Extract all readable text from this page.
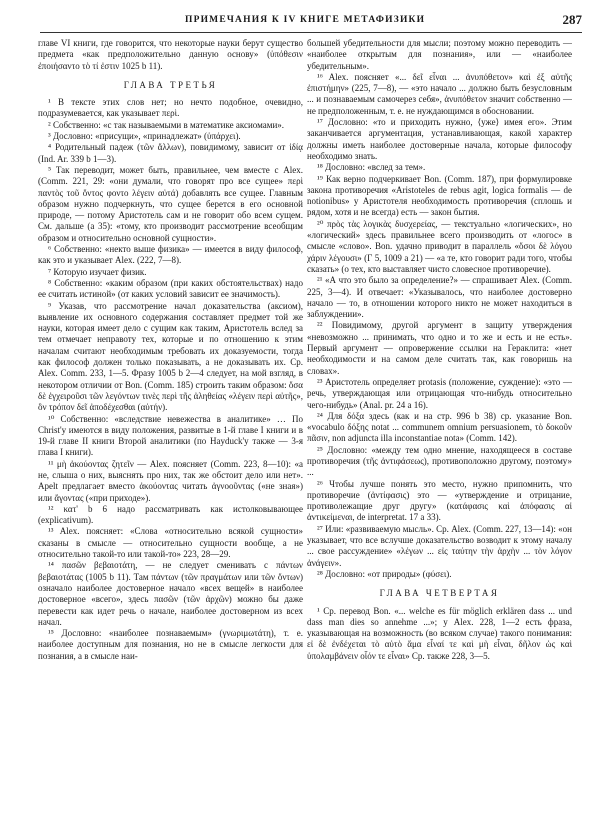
ПРИМЕЧАНИЯ К IV КНИГЕ МЕТАФИЗИКИ	287

главе VI книги, где говорится, что некоторые науки берут существо предмета «как предположительно данную основу» (ὑπόθεσιν ἐποιήσαντο τὸ τί ἐστιν 1025 b 11).

ГЛАВА ТРЕТЬЯ

¹ В тексте этих слов нет; но нечто подобное, очевидно, подразумевается, как указывает περὶ.

² Собственно: «с так называемыми в математике аксиомами».

³ Дословно: «присущи», «принадлежат» (ὑπάρχει).

⁴ Родительный падеж (τῶν ἄλλων), повидимому, зависит от ἰδίᾳ (Ind. Ar. 339 b 1—3).

⁵ Так переводит, может быть, правильнее, чем вместе с Alex. (Comm. 221, 29: «они думали, что говорят про все сущее» περὶ παντὸς τοῦ ὄντος φοντο λέγειν αὐτά) добавлять все сущее. Главным образом нужно подчеркнуть, что сущее берется в его основной природе, — потому Аристотель сам и не говорит обо всем сущем. См. дальше (а 35): «тому, кто производит рассмотрение всеобщим образом и относительно основной сущности».

⁶ Собственно: «некто выше физика» — имеется в виду философ, как это и указывает Alex. (222, 7—8).

⁷ Которую изучает физик.

⁸ Собственно: «каким образом (при каких обстоятельствах) надо ее считать истиной» (от каких условий зависит ее значимость).

⁹ Указав, что рассмотрение начал доказательства (аксиом), выявление их основного содержания составляет предмет той же науки, которая имеет дело с сущим как таким, Аристотель вслед за тем отмечает неправоту тех, которые и по отношению к этим началам считают необходимым требовать их доказуемости, тогда как философ должен только показывать, а не доказывать их. Ср. Alex. Comm. 233, 1—5. Фразу 1005 b 2—4 следует, на мой взгляд, в некотором отличии от Bon. (Comm. 185) строить таким образом: ὅσα δὲ ἐγχειροῦσι τῶν λεγόντων τινὲς περὶ τῆς ἀληθείας «λέγειν περὶ αὐτῆς», ὃν τρόπον δεῖ ἀποδέχεσθαι (αὐτήν).

¹⁰ Собственно: «вследствие невежества в аналитике» … По Christ'у имеются в виду положения, развитые в 1-й главе I книги и в 19-й главе II книги Второй аналитики (по Hayduck'у также — 3-я глава I книги).

¹¹ μὴ ἀκούοντας ζητεῖν — Alex. поясняет (Comm. 223, 8—10): «а не, слыша о них, выяснять про них, так же обстоит дело или нет». Apelt предлагает вместо ἀκούοντας читать ἀγνοοῦντας («не зная») или ἄγοντας («при приходе»).

¹² κατ' b 6 надо рассматривать как истолковывающее (explicativum).

¹³ Alex. поясняет: «Слова «относительно всякой сущности» сказаны в смысле — относительно сущности вообще, а не относительно такой-то или такой-то» 223, 28—29.

¹⁴ πασῶν βεβαιοτάτη, — не следует сменивать с πάντων βεβαιοτάτας (1005 b 11). Там πάντων (τῶν πραγμάτων или τῶν ὄντων) означало наиболее достоверное начало «всех вещей» в наиболее достоверное «всего», здесь πασῶν (τῶν ἀρχῶν) можно бы даже перевести как идет речь о начале, наиболее достоверном из всех начал.

¹⁵ Дословно: «наиболее познаваемым» (γνωριμωτάτη), т. е. наиболее доступным для познания, но не в смысле легкости для познания, а в смысле наи-

большей убедительности для мысли; поэтому можно переводить — «наиболее открытым для познания», или — «наиболее убедительным».

¹⁶ Alex. поясняет «... δεῖ εἶναι ... ἀνυπόθετον» καὶ ἐξ αὐτῆς ἐπιστήμην» (225, 7—8), — «это начало ... должно быть безусловным ... и познаваемым самочерез себя», ἀνυπόθετον значит собственно — не предположенным, т. е. не нуждающимся в обосновании.

¹⁷ Дословно: «то и приходить нужно, ⟨уже⟩ имея его». Этим заканчивается аргументация, устанавливающая, какой характер должны иметь наиболее достоверные начала, которые философу необходимо знать.

¹⁸ Дословно: «вслед за тем».

¹⁹ Как верно подчеркивает Bon. (Comm. 187), при формулировке закона противоречия «Aristoteles de rebus agit, logica formalis — de notionibus» у Аристотеля необходимость противоречия (сплошь и рядом, хотя и не всегда) есть — закон бытия.

²⁰ πρὸς τὰς λογικὰς δυσχερείας, — текстуально «логических», но «логический» здесь правильнее всего производить от «логос» в смысле «слово». Bon. удачно приводит в параллель «ὅσοι δὲ λόγου χάριν λέγουσι» (Г 5, 1009 а 21) — «а те, кто говорит ради того, чтобы сказать» (о тех, кто выставляет чисто словесное противоречие).

²¹ «А что это было за определение?» — спрашивает Alex. (Comm. 225, 3—4). И отвечает: «Указывалось, что наиболее достоверно начало — то, в отношении которого никто не может находиться в заблуждении».

²² Повидимому, другой аргумент в защиту утверждения «невозможно ... принимать, что одно и то же и есть и не есть». Первый аргумент — опровержение ссылки на Гераклита: «нет необходимости и на самом деле считать так, как говоришь на словах».

²³ Аристотель определяет protasis (положение, суждение): «это — речь, утверждающая или отрицающая что-нибудь относительно чего-нибудь» (Anal. pr. 24 a 16).

²⁴ Для δόξα здесь (как и на стр. 996 b 38) ср. указание Bon. «vocabulo δόξης notat ... communem omnium persuasionem, τὸ δοκοῦν πᾶσιν, non adjuncta illa inconstantiae nota» (Comm. 142).

²⁵ Дословно: «между тем одно мнение, находящееся в составе противоречия (τῆς ἀντιφάσεως), противоположно другому, поэтому» ...

²⁶ Чтобы лучше понять это место, нужно припомнить, что противоречие (ἀντίφασις) это — «утверждение и отрицание, противолежащие друг другу» (κατάφασις καὶ ἀπόφασις αἱ ἀντικείμεναι, de interpretat. 17 a 33).

²⁷ Или: «развиваемую мысль». Ср. Alex. (Comm. 227, 13—14): «он указывает, что все вслучше доказательство возводит к этому началу ... свое рассуждение» «λέγων ... εἰς ταύτην τὴν ἀρχὴν ... τὸν λόγον ἀνάγειν».

²⁸ Дословно: «от природы» (φύσει).

ГЛАВА ЧЕТВЕРТАЯ

¹ Ср. перевод Bon. «... welche es für möglich erklären dass ... und dass man dies so annehme ...»; у Alex. 228, 1—2 есть фраза, указывающая на возможность (во всяком случае) такого понимания: εἰ δὲ ἐνδέχεται τὸ αὐτὸ ἅμα εἶναί τε καὶ μὴ εἶναι, δῆλον ὡς καὶ ὑπολαμβάνειν οἷόν τε εἶναι» Ср. также 228, 3—5.
